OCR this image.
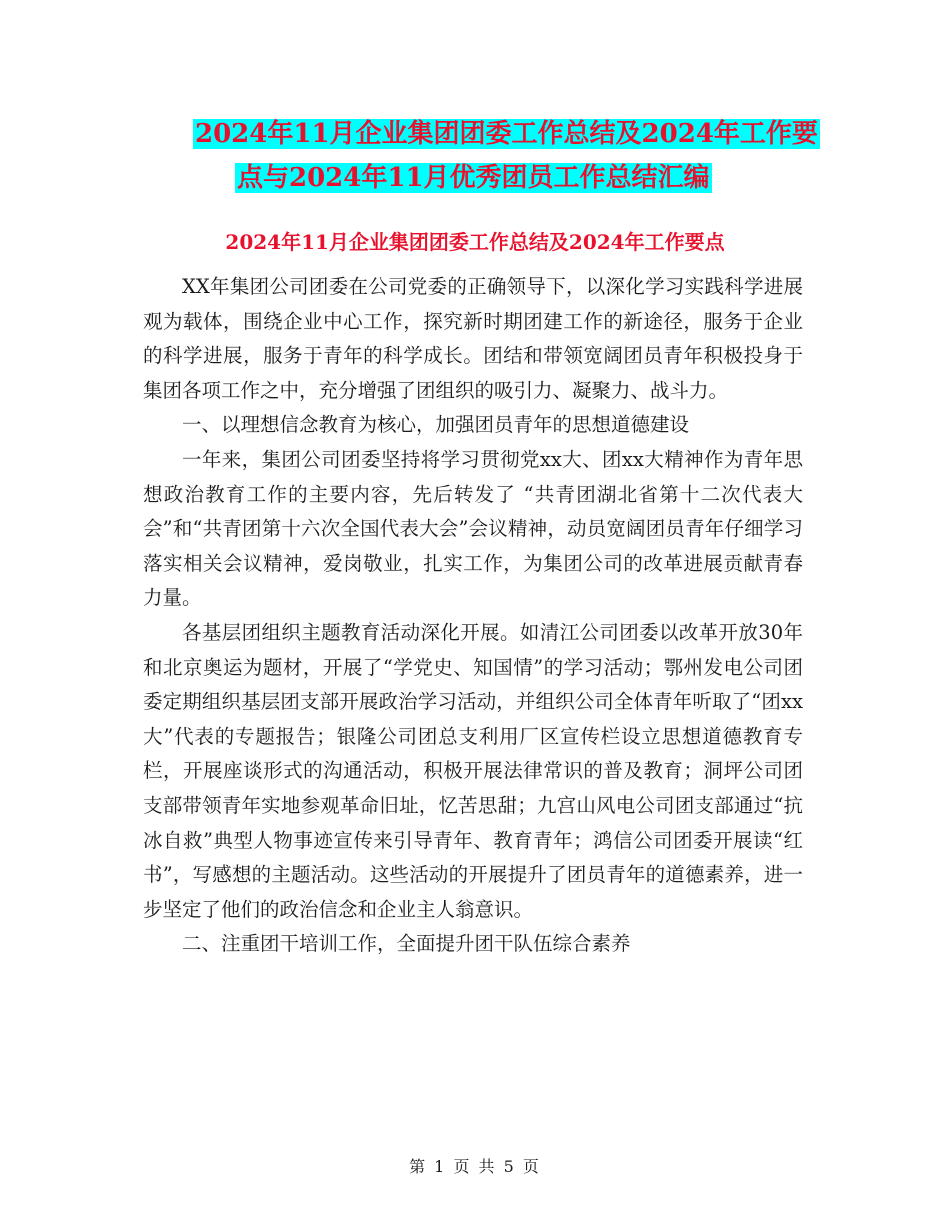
2024年11月企业集团团委工作总结及2024年工作要
点与2024年11月优秀团员工作总结汇编
2024年11月企业集团团委工作总结及2024年工作要点

XX年集团公司团委在公司党委的正确领导下，以深化学习实践科学进展观为载体，围绕企业中心工作，探究新时期团建工作的新途径，服务于企业的科学进展，服务于青年的科学成长。团结和带领宽阔团员青年积极投身于集团各项工作之中，充分增强了团组织的吸引力、凝聚力、战斗力。

一、以理想信念教育为核心，加强团员青年的思想道德建设

一年来，集团公司团委坚持将学习贯彻党xx大、团xx大精神作为青年思想政治教育工作的主要内容，先后转发了 “共青团湖北省第十二次代表大会”和“共青团第十六次全国代表大会”会议精神，动员宽阔团员青年仔细学习落实相关会议精神，爱岗敬业，扎实工作，为集团公司的改革进展贡献青春力量。

各基层团组织主题教育活动深化开展。如清江公司团委以改革开放30年和北京奥运为题材，开展了“学党史、知国情”的学习活动；鄂州发电公司团委定期组织基层团支部开展政治学习活动，并组织公司全体青年听取了“团xx大”代表的专题报告；银隆公司团总支利用厂区宣传栏设立思想道德教育专栏，开展座谈形式的沟通活动，积极开展法律常识的普及教育；洞坪公司团支部带领青年实地参观革命旧址，忆苦思甜；九宫山风电公司团支部通过“抗冰自救”典型人物事迹宣传来引导青年、教育青年；鸿信公司团委开展读“红书”，写感想的主题活动。这些活动的开展提升了团员青年的道德素养，进一步坚定了他们的政治信念和企业主人翁意识。

二、注重团干培训工作，全面提升团干队伍综合素养

第 1 页 共 5 页
